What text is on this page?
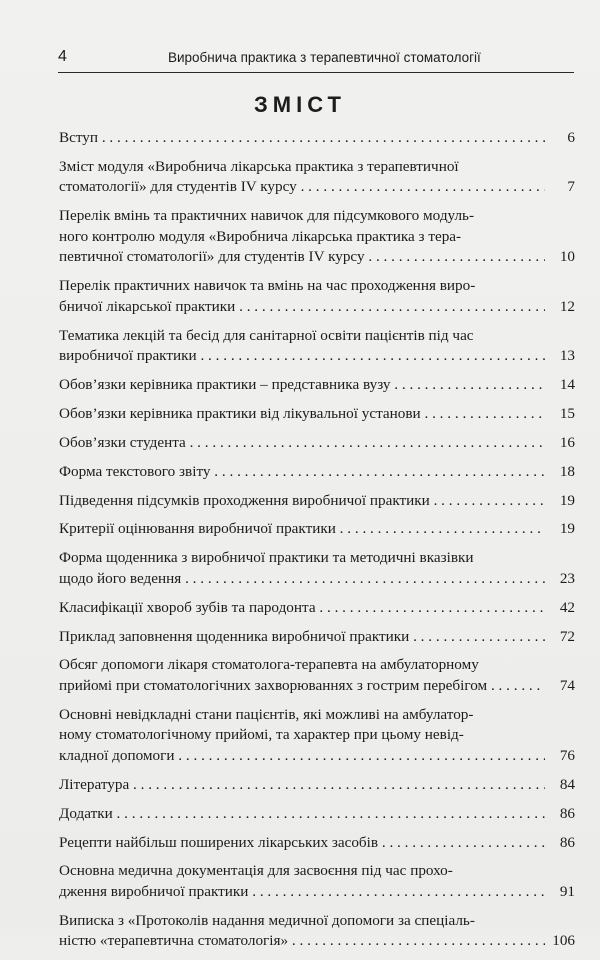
4	Виробнича практика з терапевтичної стоматології
ЗМІСТ
Вступ . . .	6
Зміст модуля «Виробнича лікарська практика з терапевтичної
стоматології» для студентів ІV курсу . . .	7
Перелік вмінь та практичних навичок для підсумкового модуль-
ного контролю модуля «Виробнича лікарська практика з тера-
певтичної стоматології» для студентів ІV курсу . . .	10
Перелік практичних навичок та вмінь на час проходження виро-
бничої лікарської практики . . .	12
Тематика лекцій та бесід для санітарної освіти пацієнтів під час
виробничої практики . . .	13
Обов’язки керівника практики – представника вузу . . .	14
Обов’язки керівника практики від лікувальної установи . . .	15
Обов’язки студента . . .	16
Форма текстового звіту . . .	18
Підведення підсумків проходження виробничої практики . . .	19
Критерії оцінювання виробничої практики . . .	19
Форма щоденника з виробничої практики та методичні вказівки
щодо його ведення . . .	23
Класифікації хвороб зубів та пародонта . . .	42
Приклад заповнення щоденника виробничої практики . . .	72
Обсяг допомоги лікаря стоматолога-терапевта на амбулаторному
прийомі при стоматологічних захворюваннях з гострим перебігом . . .	74
Основні невідкладні стани пацієнтів, які можливі на амбулатор-
ному стоматологічному прийомі, та характер при цьому невід-
кладної допомоги . . .	76
Література . . .	84
Додатки . . .	86
Рецепти найбільш поширених лікарських засобів . . .	86
Основна медична документація для засвоєння під час прохо-
дження виробничої практики . . .	91
Виписка з «Протоколів надання медичної допомоги за спеціаль-
ністю «терапевтична стоматологія» . . .	106
